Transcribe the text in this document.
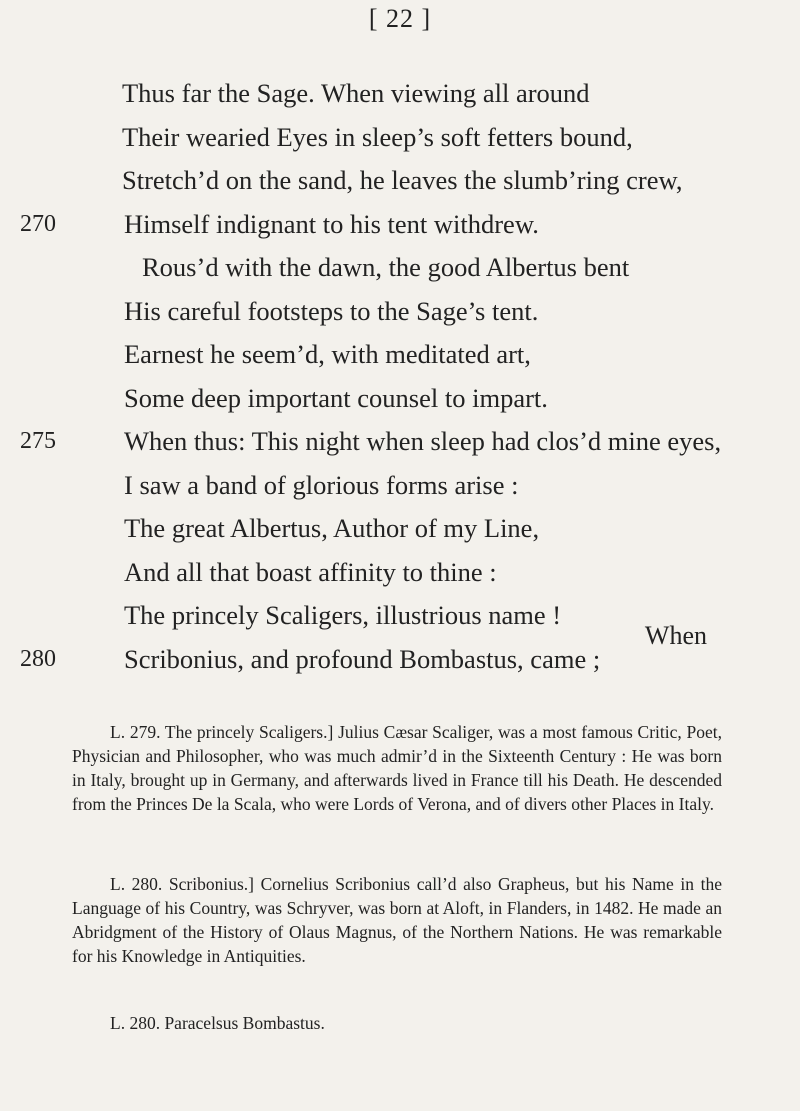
[ 22 ]
Thus far the Sage. When viewing all around
Their wearied Eyes in sleep’s soft fetters bound,
Stretch’d on the sand, he leaves the slumb’ring crew,
270	Himself indignant to his tent withdrew.
Rous’d with the dawn, the good Albertus bent
His careful footsteps to the Sage’s tent.
Earnest he seem’d, with meditated art,
Some deep important counsel to impart.
275	When thus: This night when sleep had clos’d mine eyes,
I saw a band of glorious forms arise :
The great Albertus, Author of my Line,
And all that boast affinity to thine :
The princely Scaligers, illustrious name !
280	Scribonius, and profound Bombastus, came ;
When
L. 279. The princely Scaligers.] Julius Cæsar Scaliger, was a most famous Critic, Poet, Physician and Philosopher, who was much admir’d in the Sixteenth Century : He was born in Italy, brought up in Germany, and afterwards lived in France till his Death. He descended from the Princes De la Scala, who were Lords of Verona, and of divers other Places in Italy.
L. 280. Scribonius.] Cornelius Scribonius call’d also Grapheus, but his Name in the Language of his Country, was Schryver, was born at Aloft, in Flanders, in 1482. He made an Abridgment of the History of Olaus Magnus, of the Northern Nations. He was remarkable for his Knowledge in Antiquities.
L. 280. Paracelsus Bombastus.
